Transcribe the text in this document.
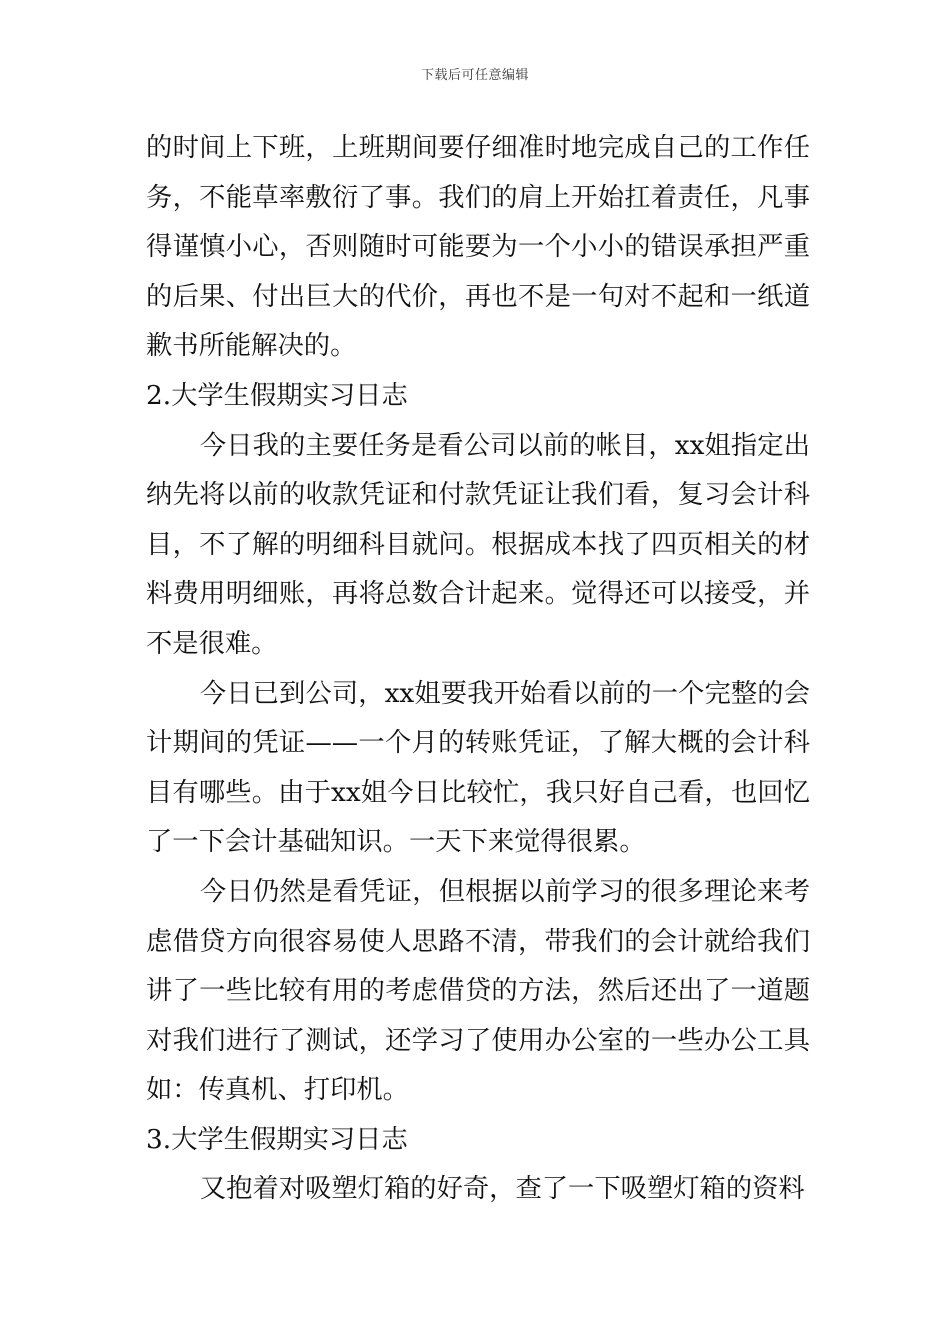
下载后可任意编辑

的时间上下班，上班期间要仔细准时地完成自己的工作任务，不能草率敷衍了事。我们的肩上开始扛着责任，凡事得谨慎小心，否则随时可能要为一个小小的错误承担严重的后果、付出巨大的代价，再也不是一句对不起和一纸道歉书所能解决的。

2.大学生假期实习日志

今日我的主要任务是看公司以前的帐目，xx姐指定出纳先将以前的收款凭证和付款凭证让我们看，复习会计科目，不了解的明细科目就问。根据成本找了四页相关的材料费用明细账，再将总数合计起来。觉得还可以接受，并不是很难。

今日已到公司，xx姐要我开始看以前的一个完整的会计期间的凭证——一个月的转账凭证，了解大概的会计科目有哪些。由于xx姐今日比较忙，我只好自己看，也回忆了一下会计基础知识。一天下来觉得很累。

今日仍然是看凭证，但根据以前学习的很多理论来考虑借贷方向很容易使人思路不清，带我们的会计就给我们讲了一些比较有用的考虑借贷的方法，然后还出了一道题对我们进行了测试，还学习了使用办公室的一些办公工具如：传真机、打印机。

3.大学生假期实习日志

又抱着对吸塑灯箱的好奇，查了一下吸塑灯箱的资料
